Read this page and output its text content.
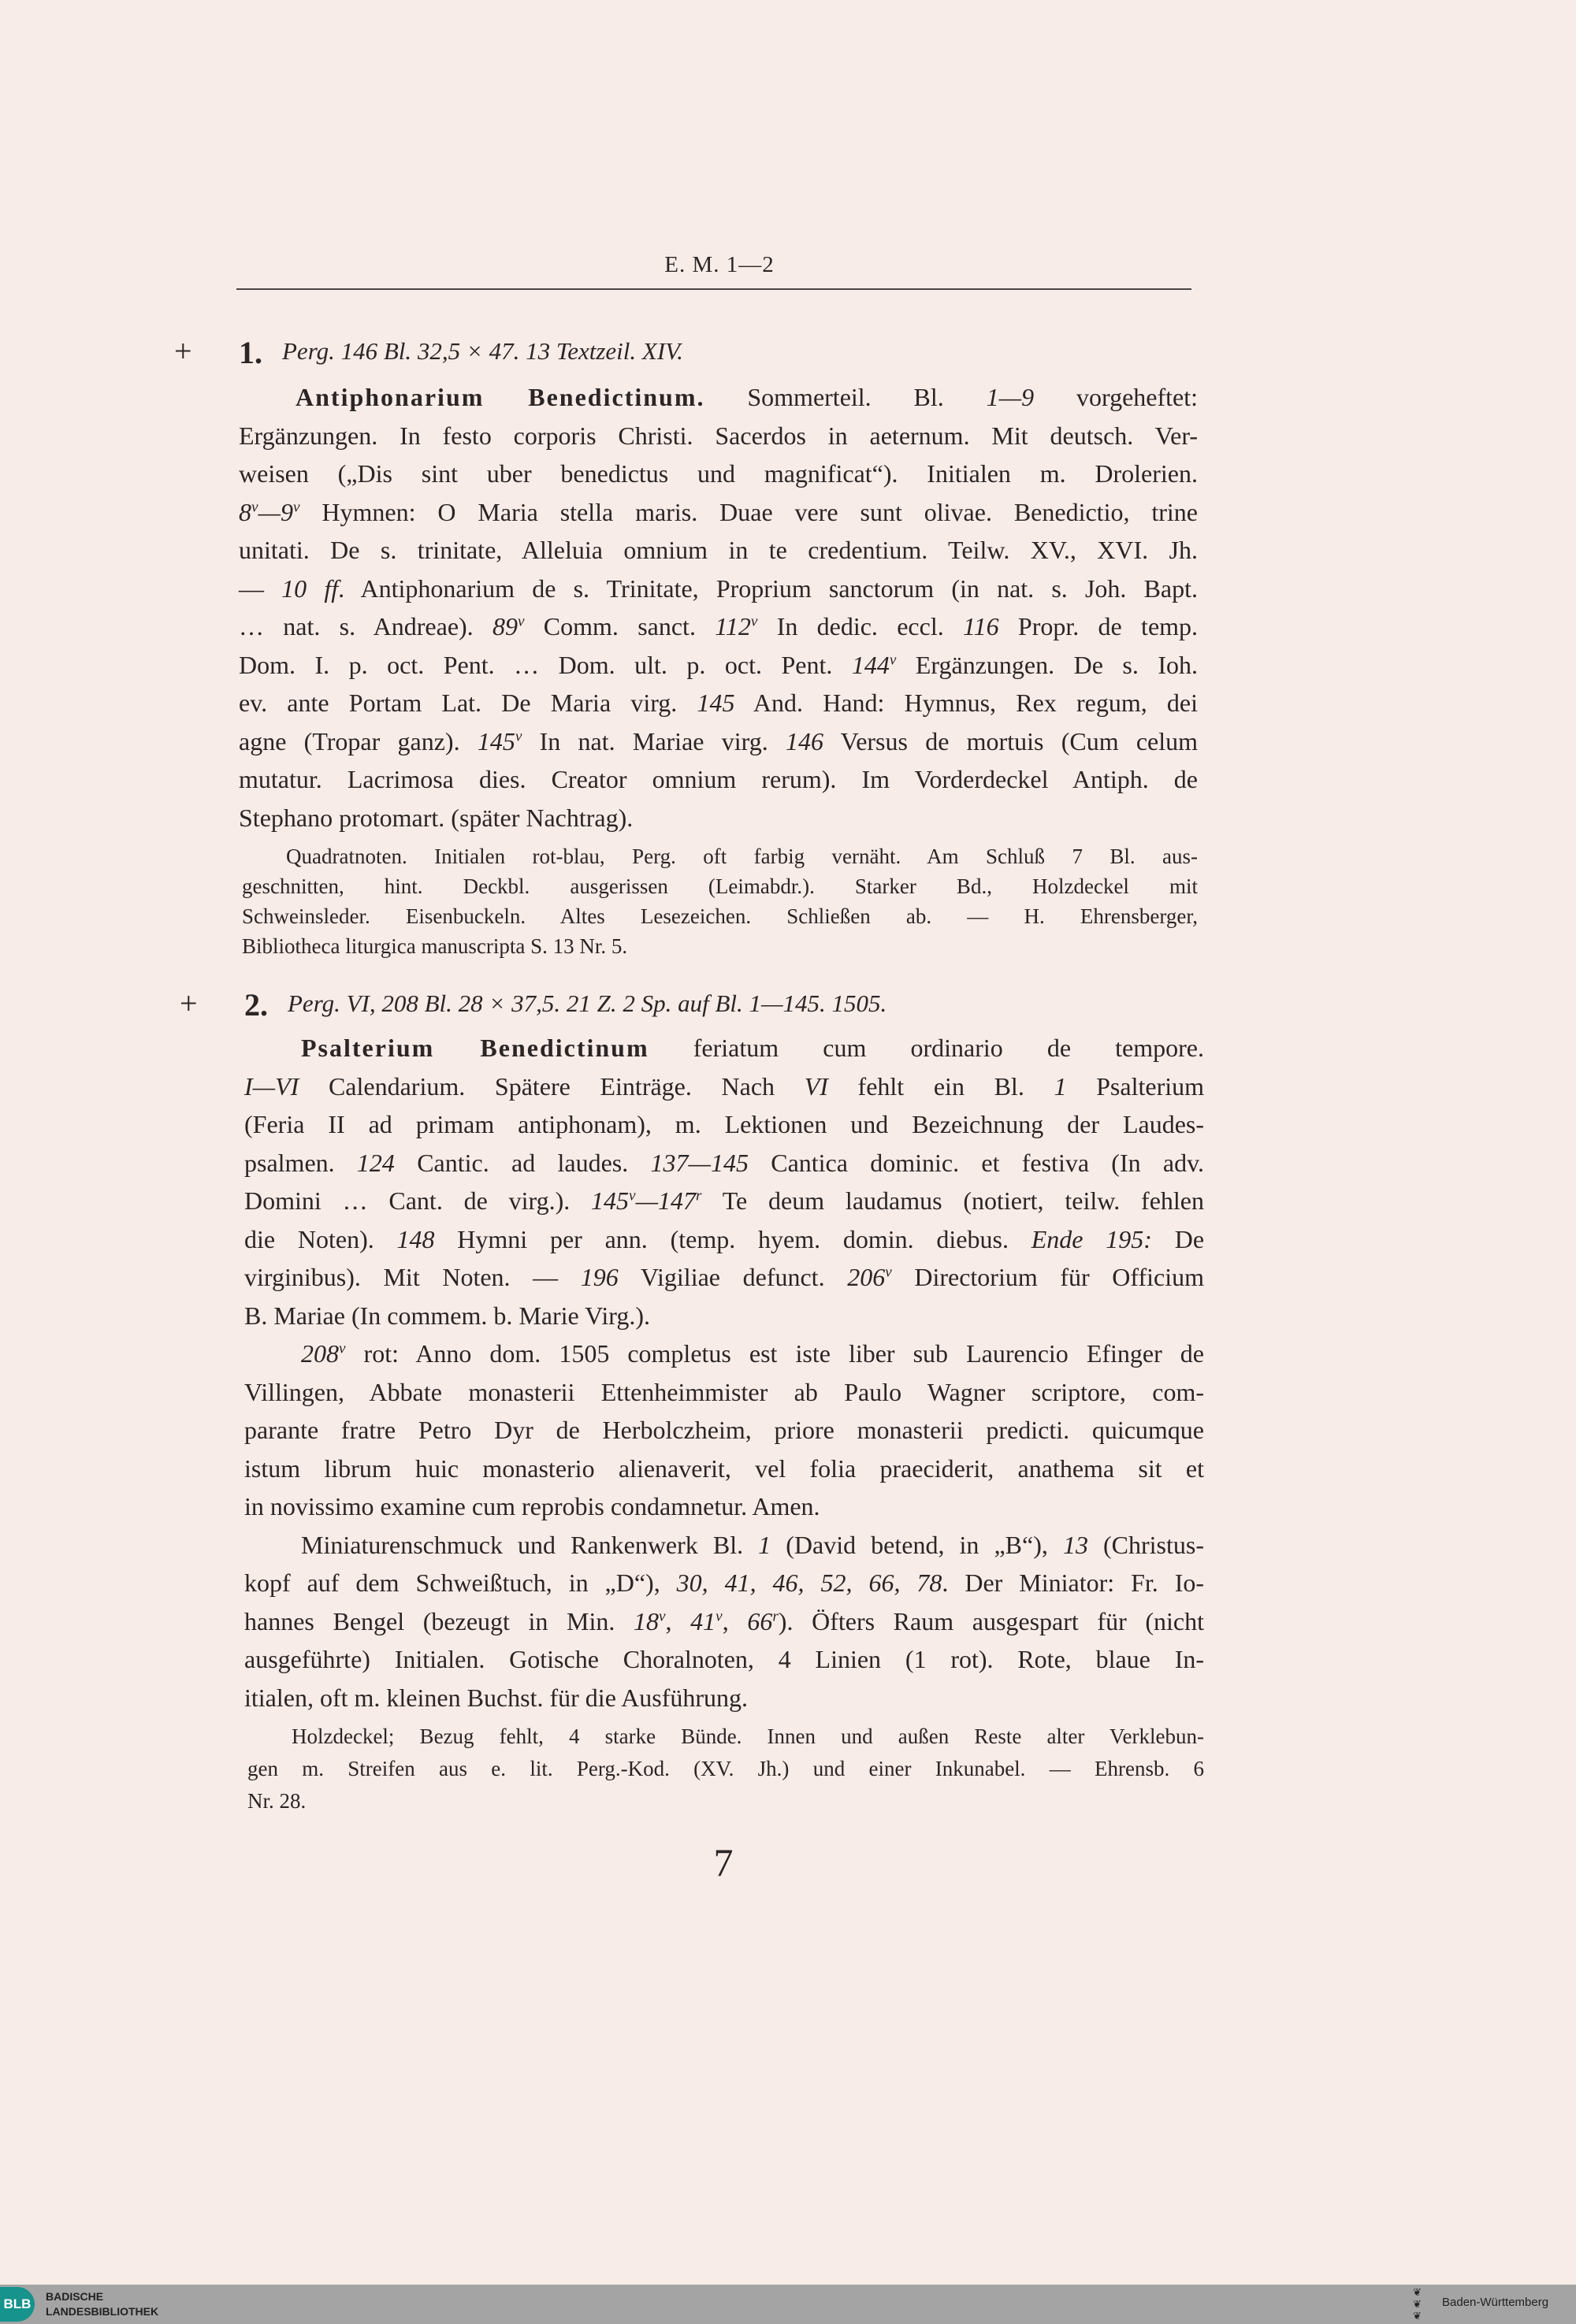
E. M. 1—2
+ 1. Perg. 146 Bl. 32,5 × 47. 13 Textzeil. XIV.
Antiphonarium Benedictinum. Sommerteil. Bl. 1—9 vorgeheftet:
Ergänzungen. In festo corporis Christi. Sacerdos in aeternum. Mit deutsch. Ver-
weisen („Dis sint uber benedictus und magnificat“). Initialen m. Drolerien.
8$^v$—9$^v$ Hymnen: O Maria stella maris. Duae vere sunt olivae. Benedictio, trine
unitati. De s. trinitate, Alleluia omnium in te credentium. Teilw. XV., XVI. Jh.
— 10 ff. Antiphonarium de s. Trinitate, Proprium sanctorum (in nat. s. Joh. Bapt.
… nat. s. Andreae). 89$^v$ Comm. sanct. 112$^v$ In dedic. eccl. 116 Propr. de temp.
Dom. I. p. oct. Pent. … Dom. ult. p. oct. Pent. 144$^v$ Ergänzungen. De s. Ioh.
ev. ante Portam Lat. De Maria virg. 145 And. Hand: Hymnus, Rex regum, dei
agne (Tropar ganz). 145$^v$ In nat. Mariae virg. 146 Versus de mortuis (Cum celum
mutatur. Lacrimosa dies. Creator omnium rerum). Im Vorderdeckel Antiph. de
Stephano protomart. (später Nachtrag).
Quadratnoten. Initialen rot-blau, Perg. oft farbig vernäht. Am Schluß 7 Bl. aus-
geschnitten, hint. Deckbl. ausgerissen (Leimabdr.). Starker Bd., Holzdeckel mit
Schweinsleder. Eisenbuckeln. Altes Lesezeichen. Schließen ab. — H. Ehrensberger,
Bibliotheca liturgica manuscripta S. 13 Nr. 5.
+ 2. Perg. VI, 208 Bl. 28 × 37,5. 21 Z. 2 Sp. auf Bl. 1—145. 1505.
Psalterium Benedictinum feriatum cum ordinario de tempore.
I—VI Calendarium. Spätere Einträge. Nach VI fehlt ein Bl. 1 Psalterium
(Feria II ad primam antiphonam), m. Lektionen und Bezeichnung der Laudes-
psalmen. 124 Cantic. ad laudes. 137—145 Cantica dominic. et festiva (In adv.
Domini … Cant. de virg.). 145$^v$—147$^r$ Te deum laudamus (notiert, teilw. fehlen
die Noten). 148 Hymni per ann. (temp. hyem. domin. diebus. Ende 195: De
virginibus). Mit Noten. — 196 Vigiliae defunct. 206$^v$ Directorium für Officium
B. Mariae (In commem. b. Marie Virg.).
208$^v$ rot: Anno dom. 1505 completus est iste liber sub Laurencio Efinger de
Villingen, Abbate monasterii Ettenheimmister ab Paulo Wagner scriptore, com-
parante fratre Petro Dyr de Herbolczheim, priore monasterii predicti. quicumque
istum librum huic monasterio alienaverit, vel folia praeciderit, anathema sit et
in novissimo examine cum reprobis condamnetur. Amen.
Miniaturenschmuck und Rankenwerk Bl. 1 (David betend, in „B“), 13 (Christus-
kopf auf dem Schweißtuch, in „D“), 30, 41, 46, 52, 66, 78. Der Miniator: Fr. Io-
hannes Bengel (bezeugt in Min. 18$^v$, 41$^v$, 66$^r$). Öfters Raum ausgespart für (nicht
ausgeführte) Initialen. Gotische Choralnoten, 4 Linien (1 rot). Rote, blaue In-
itialen, oft m. kleinen Buchst. für die Ausführung.
Holzdeckel; Bezug fehlt, 4 starke Bünde. Innen und außen Reste alter Verklebun-
gen m. Streifen aus e. lit. Perg.-Kod. (XV. Jh.) und einer Inkunabel. — Ehrensb. 6
Nr. 28.
7
BLB	BADISCHE
LANDESBIBLIOTHEK
❦
❦
❦
Baden-Württemberg
